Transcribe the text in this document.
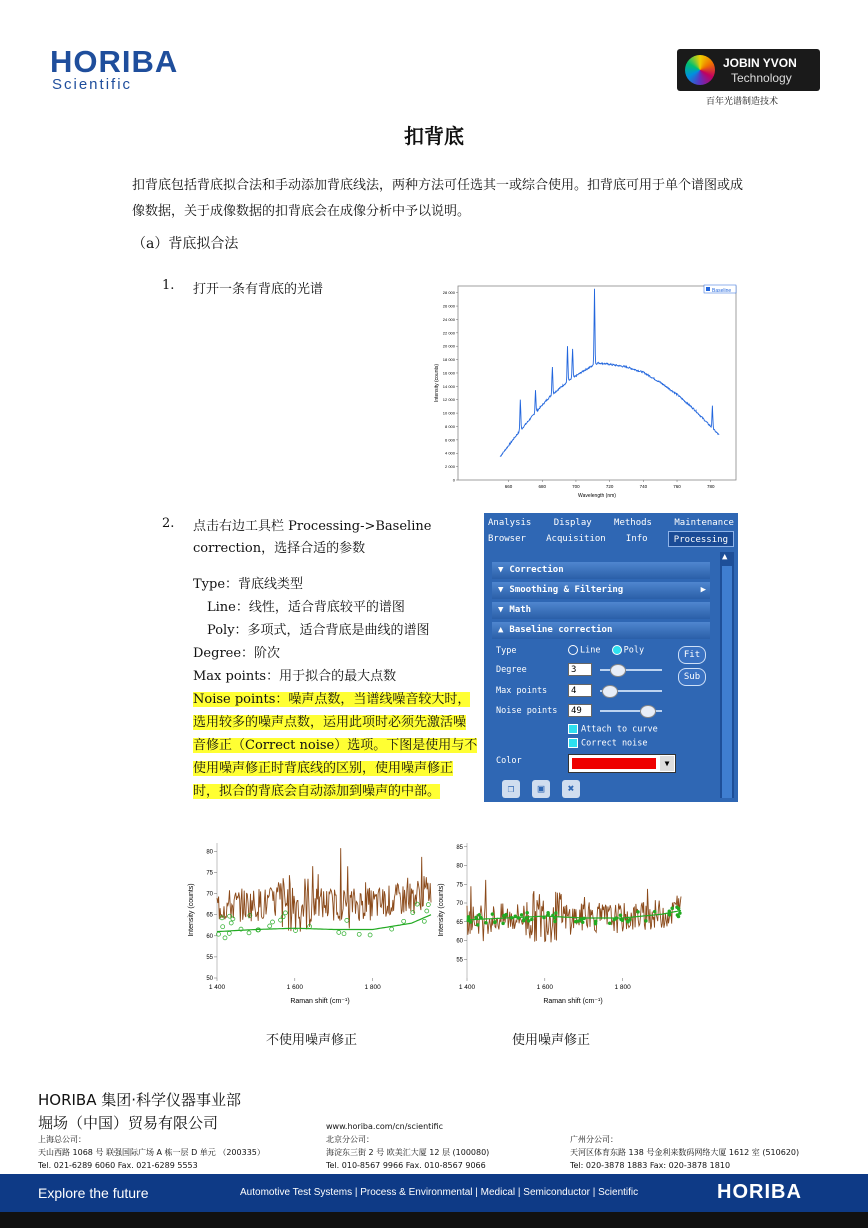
HORIBA
Scientific
JOBIN YVON
Technology
百年光谱制造技术
扣背底
扣背底包括背底拟合法和手动添加背底线法，两种方法可任选其一或综合使用。扣背底可用于单个谱图或成像数据，关于成像数据的扣背底会在成像分析中予以说明。
（a）背底拟合法
1. 打开一条有背底的光谱
0
2 000
4 000
6 000
8 000
10 000
12 000
14 000
16 000
18 000
20 000
22 000
24 000
26 000
28 000
660	680	700	720	740	760	780
Baseline
Wavelength (nm)
Intensity (counts)
2. 点击右边工具栏 Processing->Baseline correction，选择合适的参数
Type：背底线类型
Line：线性，适合背底较平的谱图
Poly：多项式，适合背底是曲线的谱图
Degree：阶次
Max points：用于拟合的最大点数
Noise points：噪声点数，当谱线噪音较大时，选用较多的噪声点数，运用此项时必须先激活噪音修正（Correct noise）选项。下图是使用与不使用噪声修正时背底线的区别，使用噪声修正时，拟合的背底会自动添加到噪声的中部。
Analysis Display Methods Maintenance
Browser Acquisition Info	Processing
▼ Correction
▼ Smoothing & Filtering	▶
▼ Math
▲ Baseline correction
▲
Type	Line	Poly	Fit
Sub
Degree	3
Max points	4
Noise points	49
Attach to curve
Correct noise
Color	▼
❐	▣	✖
50
55
60
65
70
75
80
1 400	1 600	1 800
Raman shift (cm⁻¹)
Intensity (counts)
55
60
65
70
75
80
85
1 400	1 600	1 800
Raman shift (cm⁻¹)
Intensity (counts)
不使用噪声修正	使用噪声修正
HORIBA 集团·科学仪器事业部
堀场（中国）贸易有限公司
上海总公司：
天山西路 1068 号 联强国际广场 A 栋一层 D 单元 （200335）
Tel. 021-6289 6060 Fax. 021-6289 5553
www.horiba.com/cn/scientific
北京分公司：
海淀东三街 2 号 欧美汇大厦 12 层 (100080)
Tel. 010-8567 9966 Fax. 010-8567 9066
广州分公司：
天河区体育东路 138 号金利来数码网络大厦 1612 室 (510620)
Tel: 020-3878 1883 Fax: 020-3878 1810
Explore the future	Automotive Test Systems | Process & Environmental | Medical | Semiconductor | Scientific	HORIBA
